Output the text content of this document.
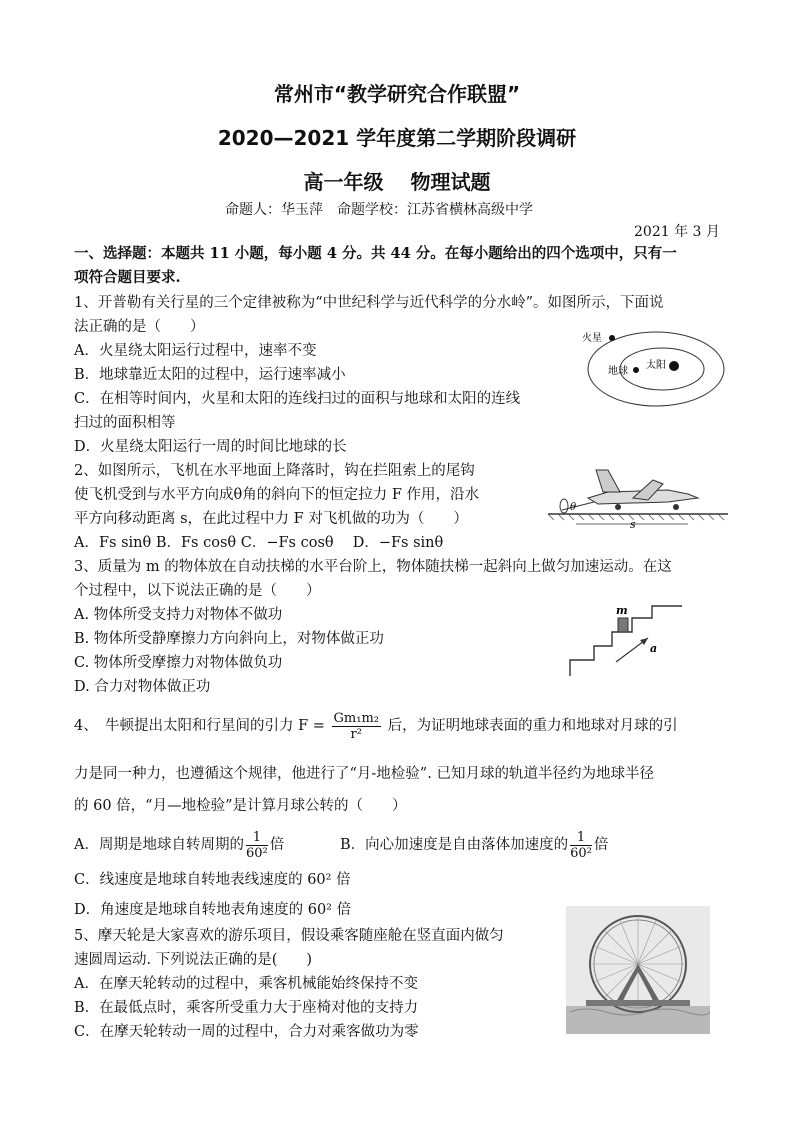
常州市“教学研究合作联盟”
2020—2021 学年度第二学期阶段调研
高一年级　 物理试题
命题人：华玉萍　命题学校：江苏省横林高级中学
2021 年 3 月
一、选择题：本题共 11 小题，每小题 4 分。共 44 分。在每小题给出的四个选项中，只有一
项符合题目要求.
1、开普勒有关行星的三个定律被称为“中世纪科学与近代科学的分水岭”。如图所示，下面说
法正确的是（　　）
A．火星绕太阳运行过程中，速率不变
B．地球靠近太阳的过程中，运行速率减小
C．在相等时间内，火星和太阳的连线扫过的面积与地球和太阳的连线
扫过的面积相等
D．火星绕太阳运行一周的时间比地球的长
火星
地球
太阳
2、如图所示，飞机在水平地面上降落时，钩在拦阻索上的尾钩
使飞机受到与水平方向成θ角的斜向下的恒定拉力 F 作用，沿水
平方向移动距离 s，在此过程中力 F 对飞机做的功为（　　）
A．Fs sinθ B．Fs cosθ C．−Fs cosθ　 D．−Fs sinθ
θ
s
3、质量为 m 的物体放在自动扶梯的水平台阶上，物体随扶梯一起斜向上做匀加速运动。在这
个过程中，以下说法正确的是（　　）
A. 物体所受支持力对物体不做功
B. 物体所受静摩擦力方向斜向上，对物体做正功
C. 物体所受摩擦力对物体做负功
D. 合力对物体做正功
m
a
4、　牛顿提出太阳和行星间的引力 $F = \frac{\text{Gm₁m₂}}{\text{r²}}$ 后，为证明地球表面的重力和地球对月球的引
力是同一种力，也遵循这个规律，他进行了“月-地检验”. 已知月球的轨道半径约为地球半径
的 60 倍，“月—地检验”是计算月球公转的（　　）
A．周期是地球自转周期的 $\frac{1}{\text{60²}}$ 倍	B．向心加速度是自由落体加速度的 $\frac{1}{\text{60²}}$ 倍
C．线速度是地球自转地表线速度的 60² 倍
D．角速度是地球自转地表角速度的 60² 倍
5、摩天轮是大家喜欢的游乐项目，假设乘客随座舱在竖直面内做匀
速圆周运动. 下列说法正确的是(　　)
A．在摩天轮转动的过程中，乘客机械能始终保持不变
B．在最低点时，乘客所受重力大于座椅对他的支持力
C．在摩天轮转动一周的过程中，合力对乘客做功为零
